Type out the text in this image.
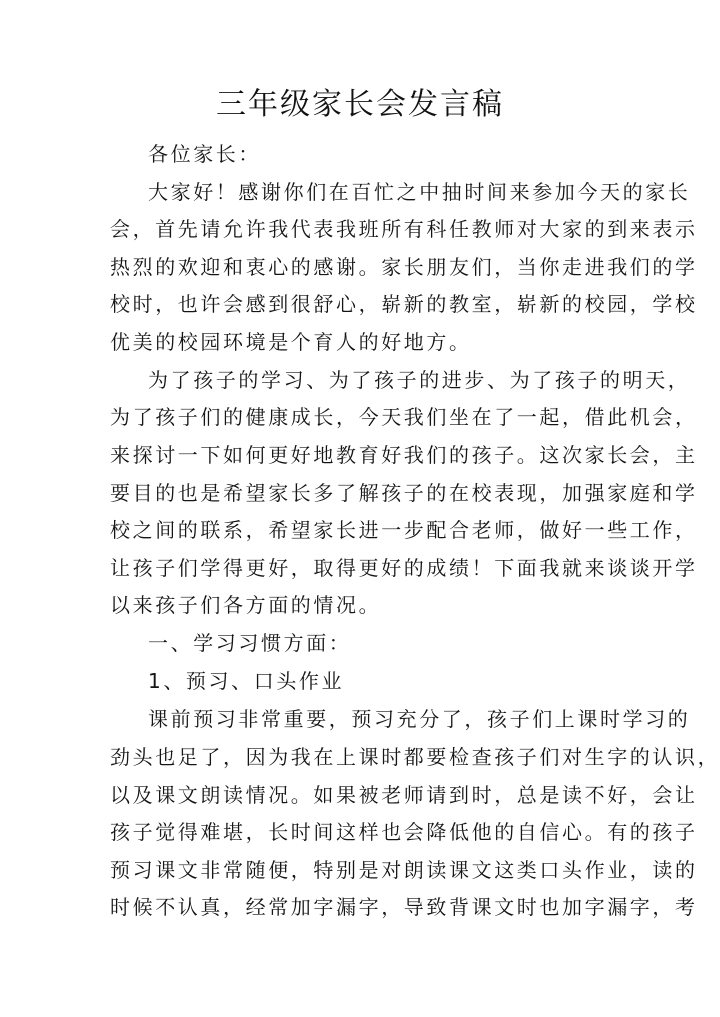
三年级家长会发言稿
各位家长：
大家好！感谢你们在百忙之中抽时间来参加今天的家长
会，首先请允许我代表我班所有科任教师对大家的到来表示
热烈的欢迎和衷心的感谢。家长朋友们，当你走进我们的学
校时，也许会感到很舒心，崭新的教室，崭新的校园，学校
优美的校园环境是个育人的好地方。
为了孩子的学习、为了孩子的进步、为了孩子的明天，
为了孩子们的健康成长，今天我们坐在了一起，借此机会，
来探讨一下如何更好地教育好我们的孩子。这次家长会，主
要目的也是希望家长多了解孩子的在校表现，加强家庭和学
校之间的联系，希望家长进一步配合老师，做好一些工作，
让孩子们学得更好，取得更好的成绩！下面我就来谈谈开学
以来孩子们各方面的情况。
一、学习习惯方面：
1、预习、口头作业
课前预习非常重要，预习充分了，孩子们上课时学习的
劲头也足了，因为我在上课时都要检查孩子们对生字的认识，
以及课文朗读情况。如果被老师请到时，总是读不好，会让
孩子觉得难堪，长时间这样也会降低他的自信心。有的孩子
预习课文非常随便，特别是对朗读课文这类口头作业，读的
时候不认真，经常加字漏字，导致背课文时也加字漏字，考
